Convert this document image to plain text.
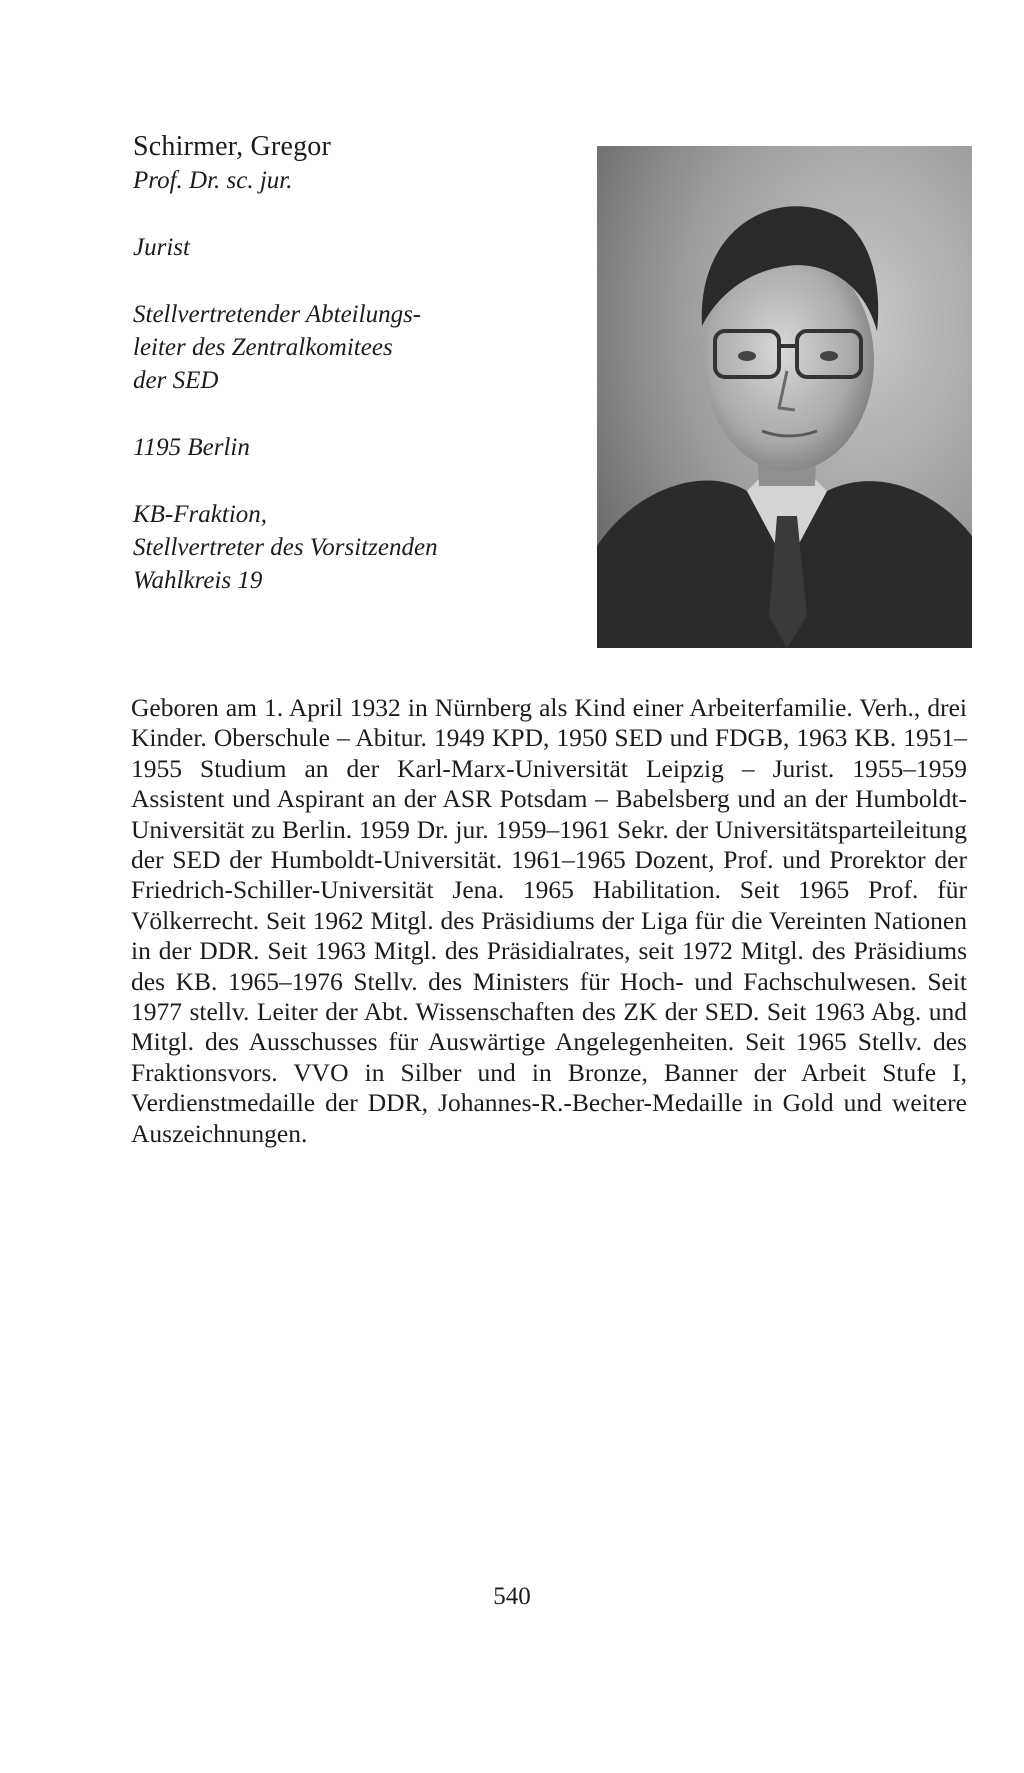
Schirmer, Gregor

Prof. Dr. sc. jur.

Jurist

Stellvertretender Abteilungs-
leiter des Zentralkomitees
der SED

1195 Berlin

KB-Fraktion,
Stellvertreter des Vorsitzenden
Wahlkreis 19

Geboren am 1. April 1932 in Nürnberg als Kind einer Arbeiterfamilie. Verh., drei Kinder. Oberschule – Abitur. 1949 KPD, 1950 SED und FDGB, 1963 KB. 1951–1955 Studium an der Karl-Marx-Universität Leipzig – Jurist. 1955–1959 Assistent und Aspirant an der ASR Potsdam – Babelsberg und an der Humboldt-Universität zu Berlin. 1959 Dr. jur. 1959–1961 Sekr. der Universitätsparteileitung der SED der Humboldt-Universität. 1961–1965 Dozent, Prof. und Prorektor der Friedrich-Schiller-Universität Jena. 1965 Habilitation. Seit 1965 Prof. für Völkerrecht. Seit 1962 Mitgl. des Präsidiums der Liga für die Vereinten Nationen in der DDR. Seit 1963 Mitgl. des Präsidialrates, seit 1972 Mitgl. des Präsidiums des KB. 1965–1976 Stellv. des Ministers für Hoch- und Fachschulwesen. Seit 1977 stellv. Leiter der Abt. Wissenschaften des ZK der SED. Seit 1963 Abg. und Mitgl. des Ausschusses für Auswärtige Angelegenheiten. Seit 1965 Stellv. des Fraktionsvors. VVO in Silber und in Bronze, Banner der Arbeit Stufe I, Verdienstmedaille der DDR, Johannes-R.-Becher-Medaille in Gold und weitere Auszeichnungen.

540
